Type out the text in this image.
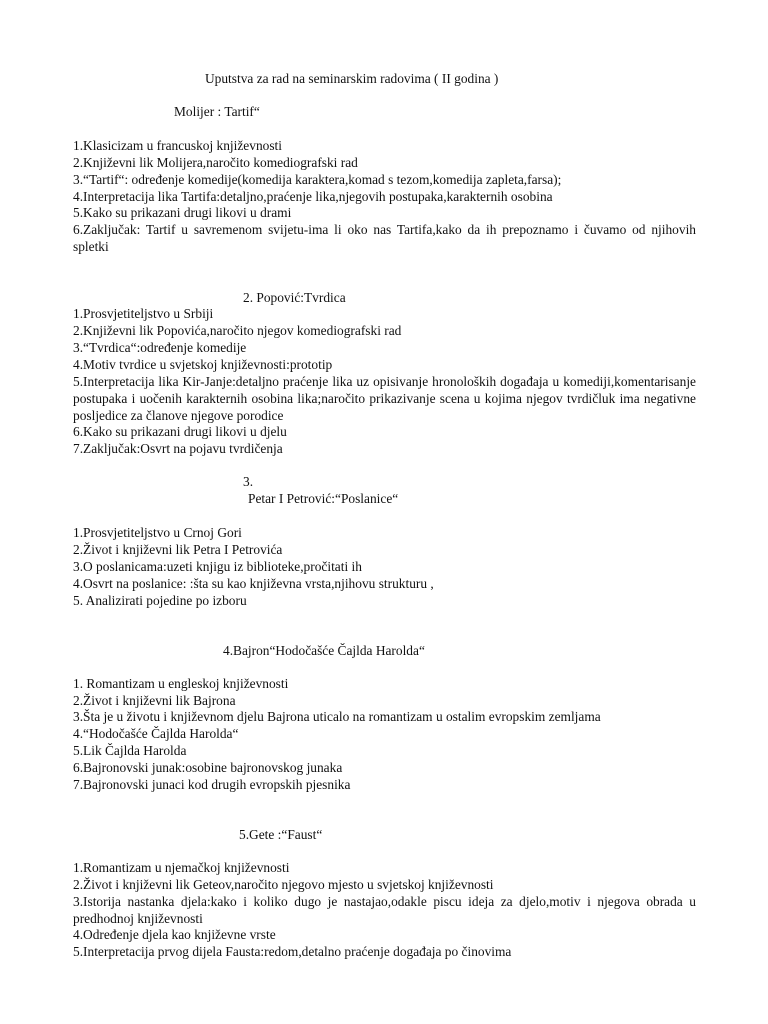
Uputstva za rad na seminarskim radovima ( II godina )
Molijer : Tartif“
1.Klasicizam u francuskoj književnosti
2.Književni lik Molijera,naročito komediografski rad
3.“Tartif“: određenje komedije(komedija karaktera,komad s tezom,komedija zapleta,farsa);
4.Interpretacija lika Tartifa:detaljno,praćenje lika,njegovih postupaka,karakternih osobina
5.Kako su prikazani drugi likovi u drami
6.Zaključak: Tartif u savremenom svijetu-ima li oko nas Tartifa,kako da ih prepoznamo i čuvamo od njihovih spletki
2. Popović:Tvrdica
1.Prosvjetiteljstvo u Srbiji
2.Književni lik Popovića,naročito njegov komediografski rad
3.“Tvrdica“:određenje komedije
4.Motiv tvrdice u svjetskoj književnosti:prototip
5.Interpretacija lika Kir-Janje:detaljno praćenje lika uz opisivanje hronoloških događaja u komediji,komentarisanje postupaka i uočenih karakternih osobina lika;naročito prikazivanje scena u kojima njegov tvrdičluk ima negativne posljedice za članove njegove porodice
6.Kako su prikazani drugi likovi u djelu
7.Zaključak:Osvrt na pojavu tvrdičenja
3.
Petar I Petrović:“Poslanice“
1.Prosvjetiteljstvo u Crnoj Gori
2.Život i književni lik Petra I Petrovića
3.O poslanicama:uzeti knjigu iz biblioteke,pročitati ih
4.Osvrt na poslanice: :šta su kao književna vrsta,njihovu strukturu ,
5. Analizirati pojedine po izboru
4.Bajron“Hodočašće Čajlda Harolda“
1. Romantizam u engleskoj književnosti
2.Život i književni lik Bajrona
3.Šta je u životu i književnom djelu Bajrona uticalo na romantizam u ostalim evropskim zemljama
4.“Hodočašće Čajlda Harolda“
5.Lik Čajlda Harolda
6.Bajronovski junak:osobine bajronovskog junaka
7.Bajronovski junaci kod drugih evropskih pjesnika
5.Gete :“Faust“
1.Romantizam u njemačkoj književnosti
2.Život i književni lik Geteov,naročito njegovo mjesto u svjetskoj književnosti
3.Istorija nastanka djela:kako i koliko dugo je nastajao,odakle piscu ideja za djelo,motiv i njegova obrada u predhodnoj književnosti
4.Određenje djela kao književne vrste
5.Interpretacija prvog dijela Fausta:redom,detalno praćenje događaja po činovima
